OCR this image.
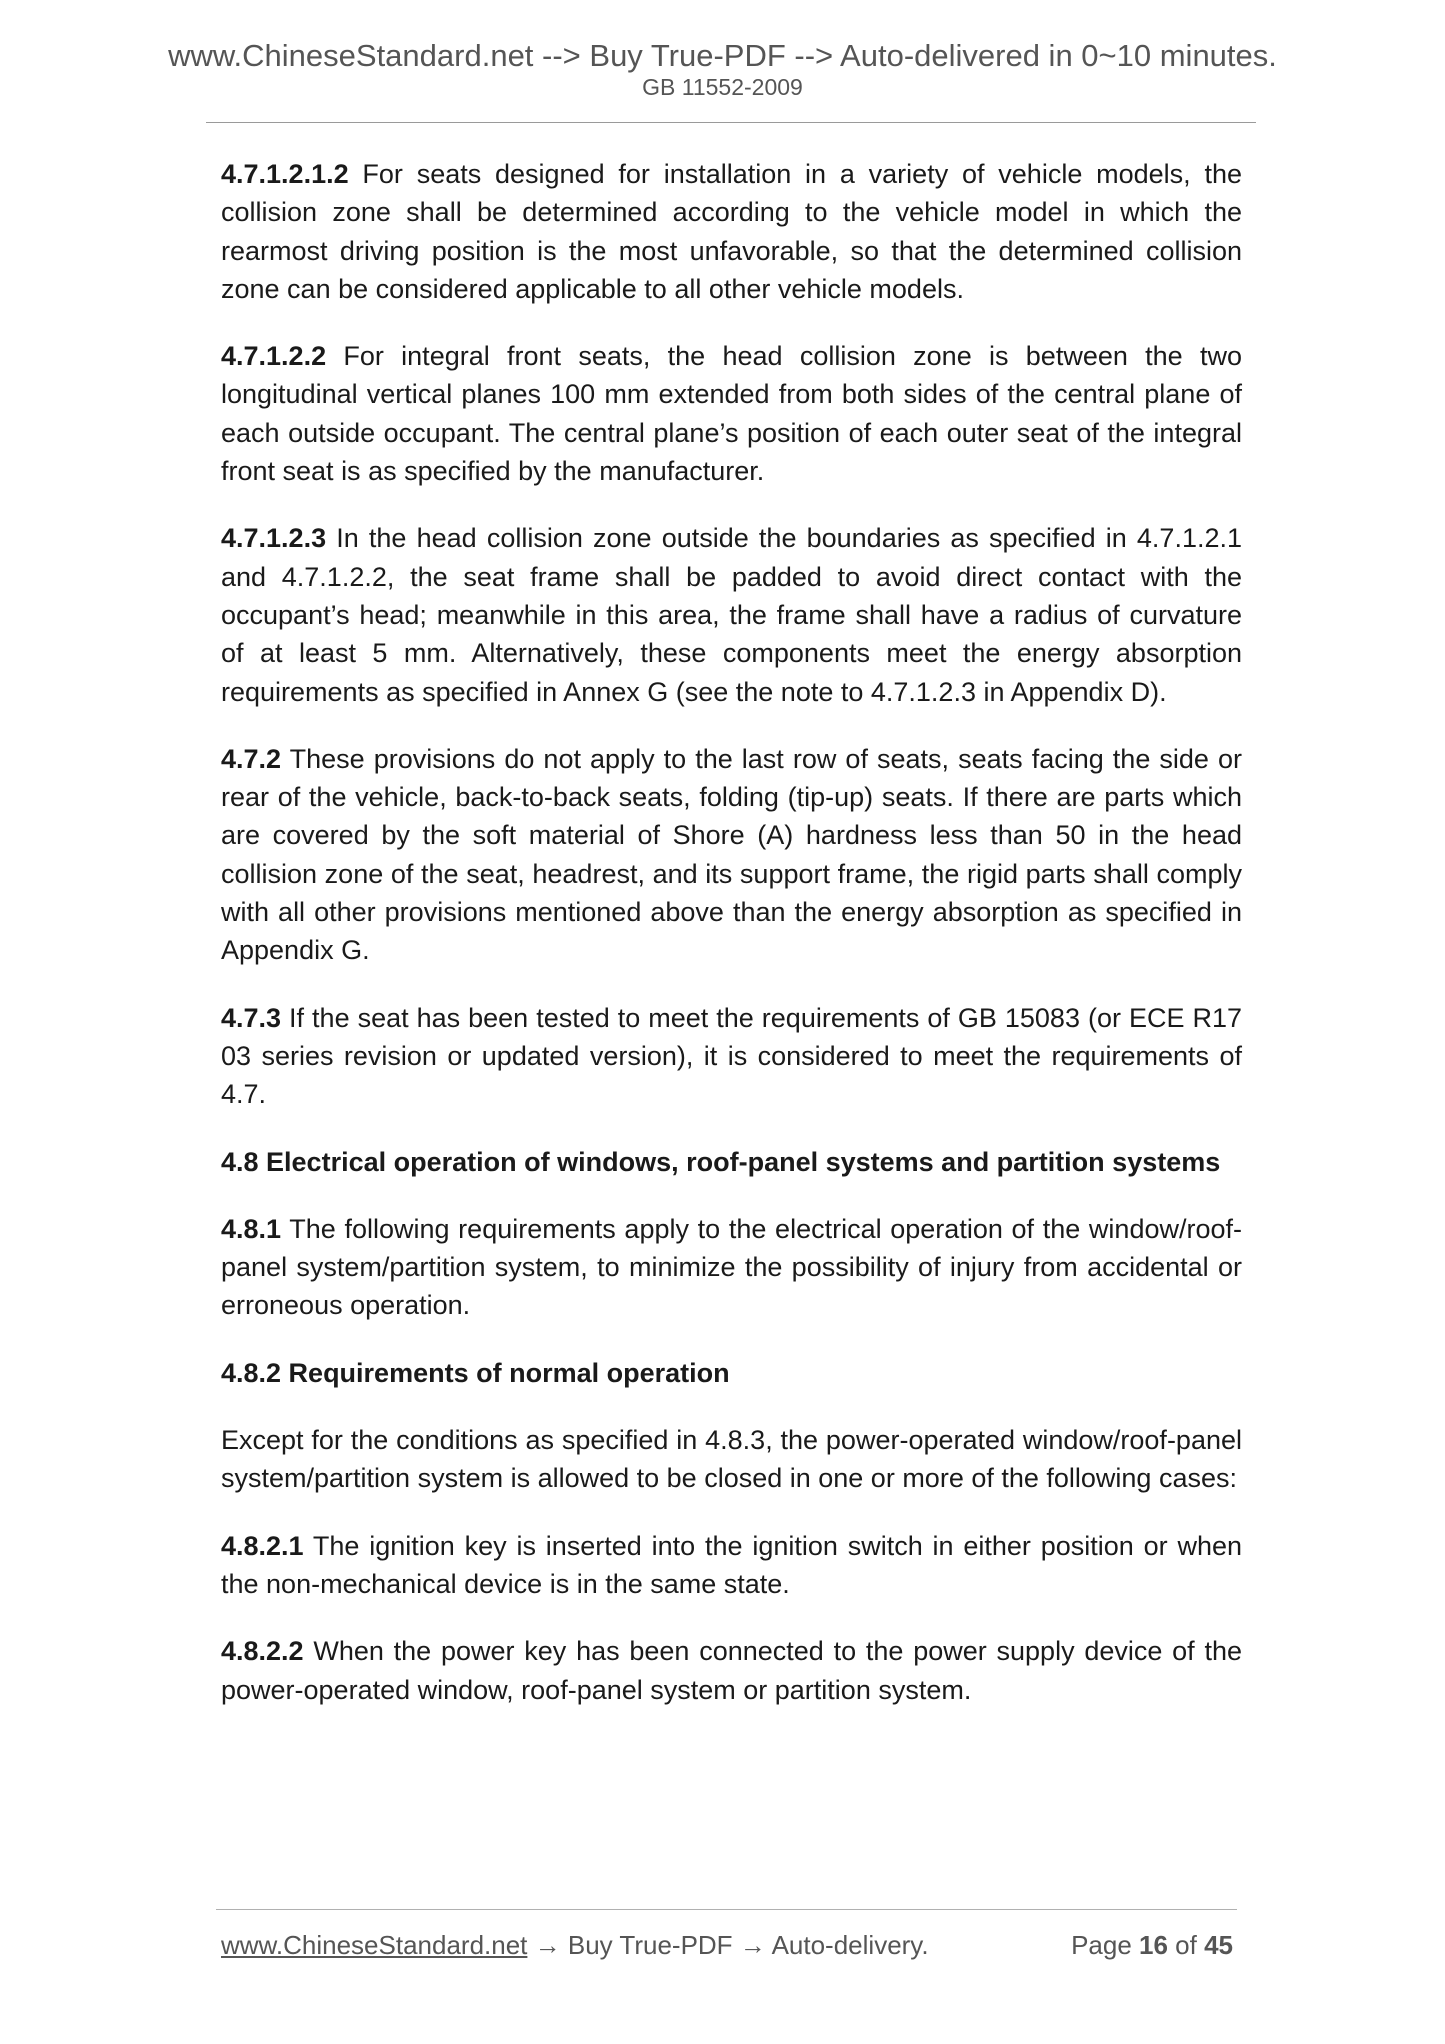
www.ChineseStandard.net --> Buy True-PDF --> Auto-delivered in 0~10 minutes.
GB 11552-2009

4.7.1.2.1.2 For seats designed for installation in a variety of vehicle models, the collision zone shall be determined according to the vehicle model in which the rearmost driving position is the most unfavorable, so that the determined collision zone can be considered applicable to all other vehicle models.

4.7.1.2.2 For integral front seats, the head collision zone is between the two longitudinal vertical planes 100 mm extended from both sides of the central plane of each outside occupant. The central plane’s position of each outer seat of the integral front seat is as specified by the manufacturer.

4.7.1.2.3 In the head collision zone outside the boundaries as specified in 4.7.1.2.1 and 4.7.1.2.2, the seat frame shall be padded to avoid direct contact with the occupant’s head; meanwhile in this area, the frame shall have a radius of curvature of at least 5 mm. Alternatively, these components meet the energy absorption requirements as specified in Annex G (see the note to 4.7.1.2.3 in Appendix D).

4.7.2 These provisions do not apply to the last row of seats, seats facing the side or rear of the vehicle, back-to-back seats, folding (tip-up) seats. If there are parts which are covered by the soft material of Shore (A) hardness less than 50 in the head collision zone of the seat, headrest, and its support frame, the rigid parts shall comply with all other provisions mentioned above than the energy absorption as specified in Appendix G.

4.7.3 If the seat has been tested to meet the requirements of GB 15083 (or ECE R17 03 series revision or updated version), it is considered to meet the requirements of 4.7.

4.8 Electrical operation of windows, roof-panel systems and partition systems

4.8.1 The following requirements apply to the electrical operation of the window/roof-panel system/partition system, to minimize the possibility of injury from accidental or erroneous operation.

4.8.2 Requirements of normal operation

Except for the conditions as specified in 4.8.3, the power-operated window/roof-panel system/partition system is allowed to be closed in one or more of the following cases:

4.8.2.1 The ignition key is inserted into the ignition switch in either position or when the non-mechanical device is in the same state.

4.8.2.2 When the power key has been connected to the power supply device of the power-operated window, roof-panel system or partition system.

www.ChineseStandard.net → Buy True-PDF → Auto-delivery.	Page 16 of 45
